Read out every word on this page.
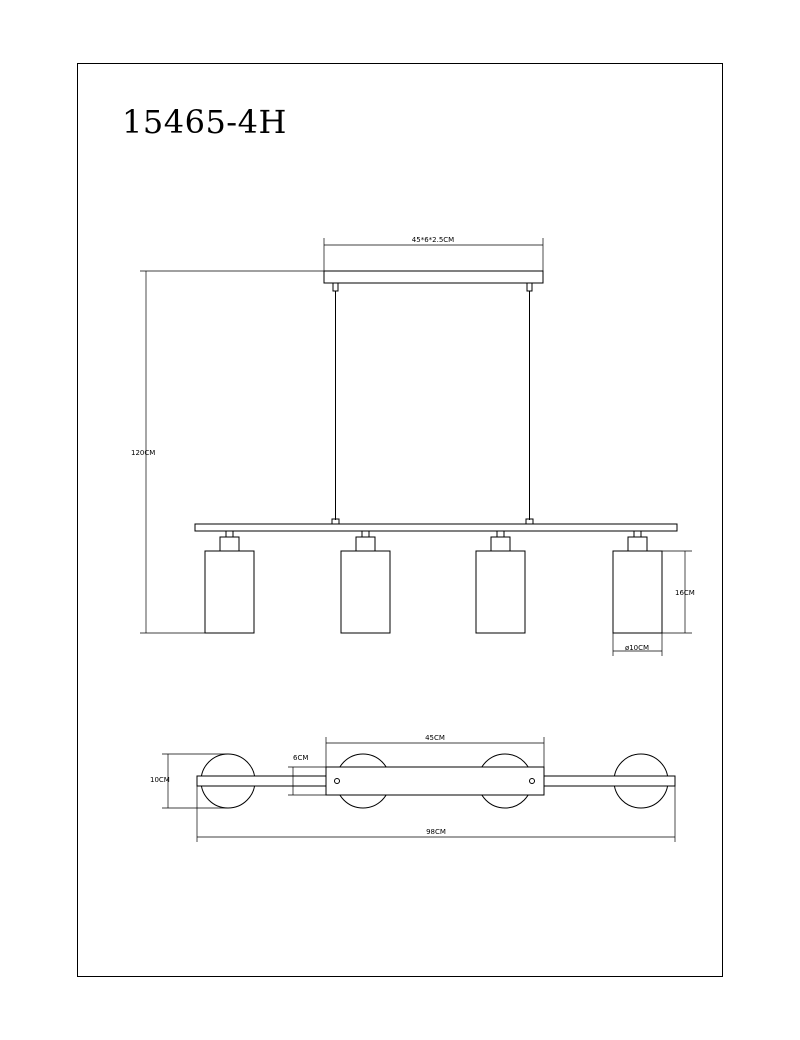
15465-4H
45*6*2.5CM
120CM
16CM
ø10CM
45CM
6CM
10CM
98CM
